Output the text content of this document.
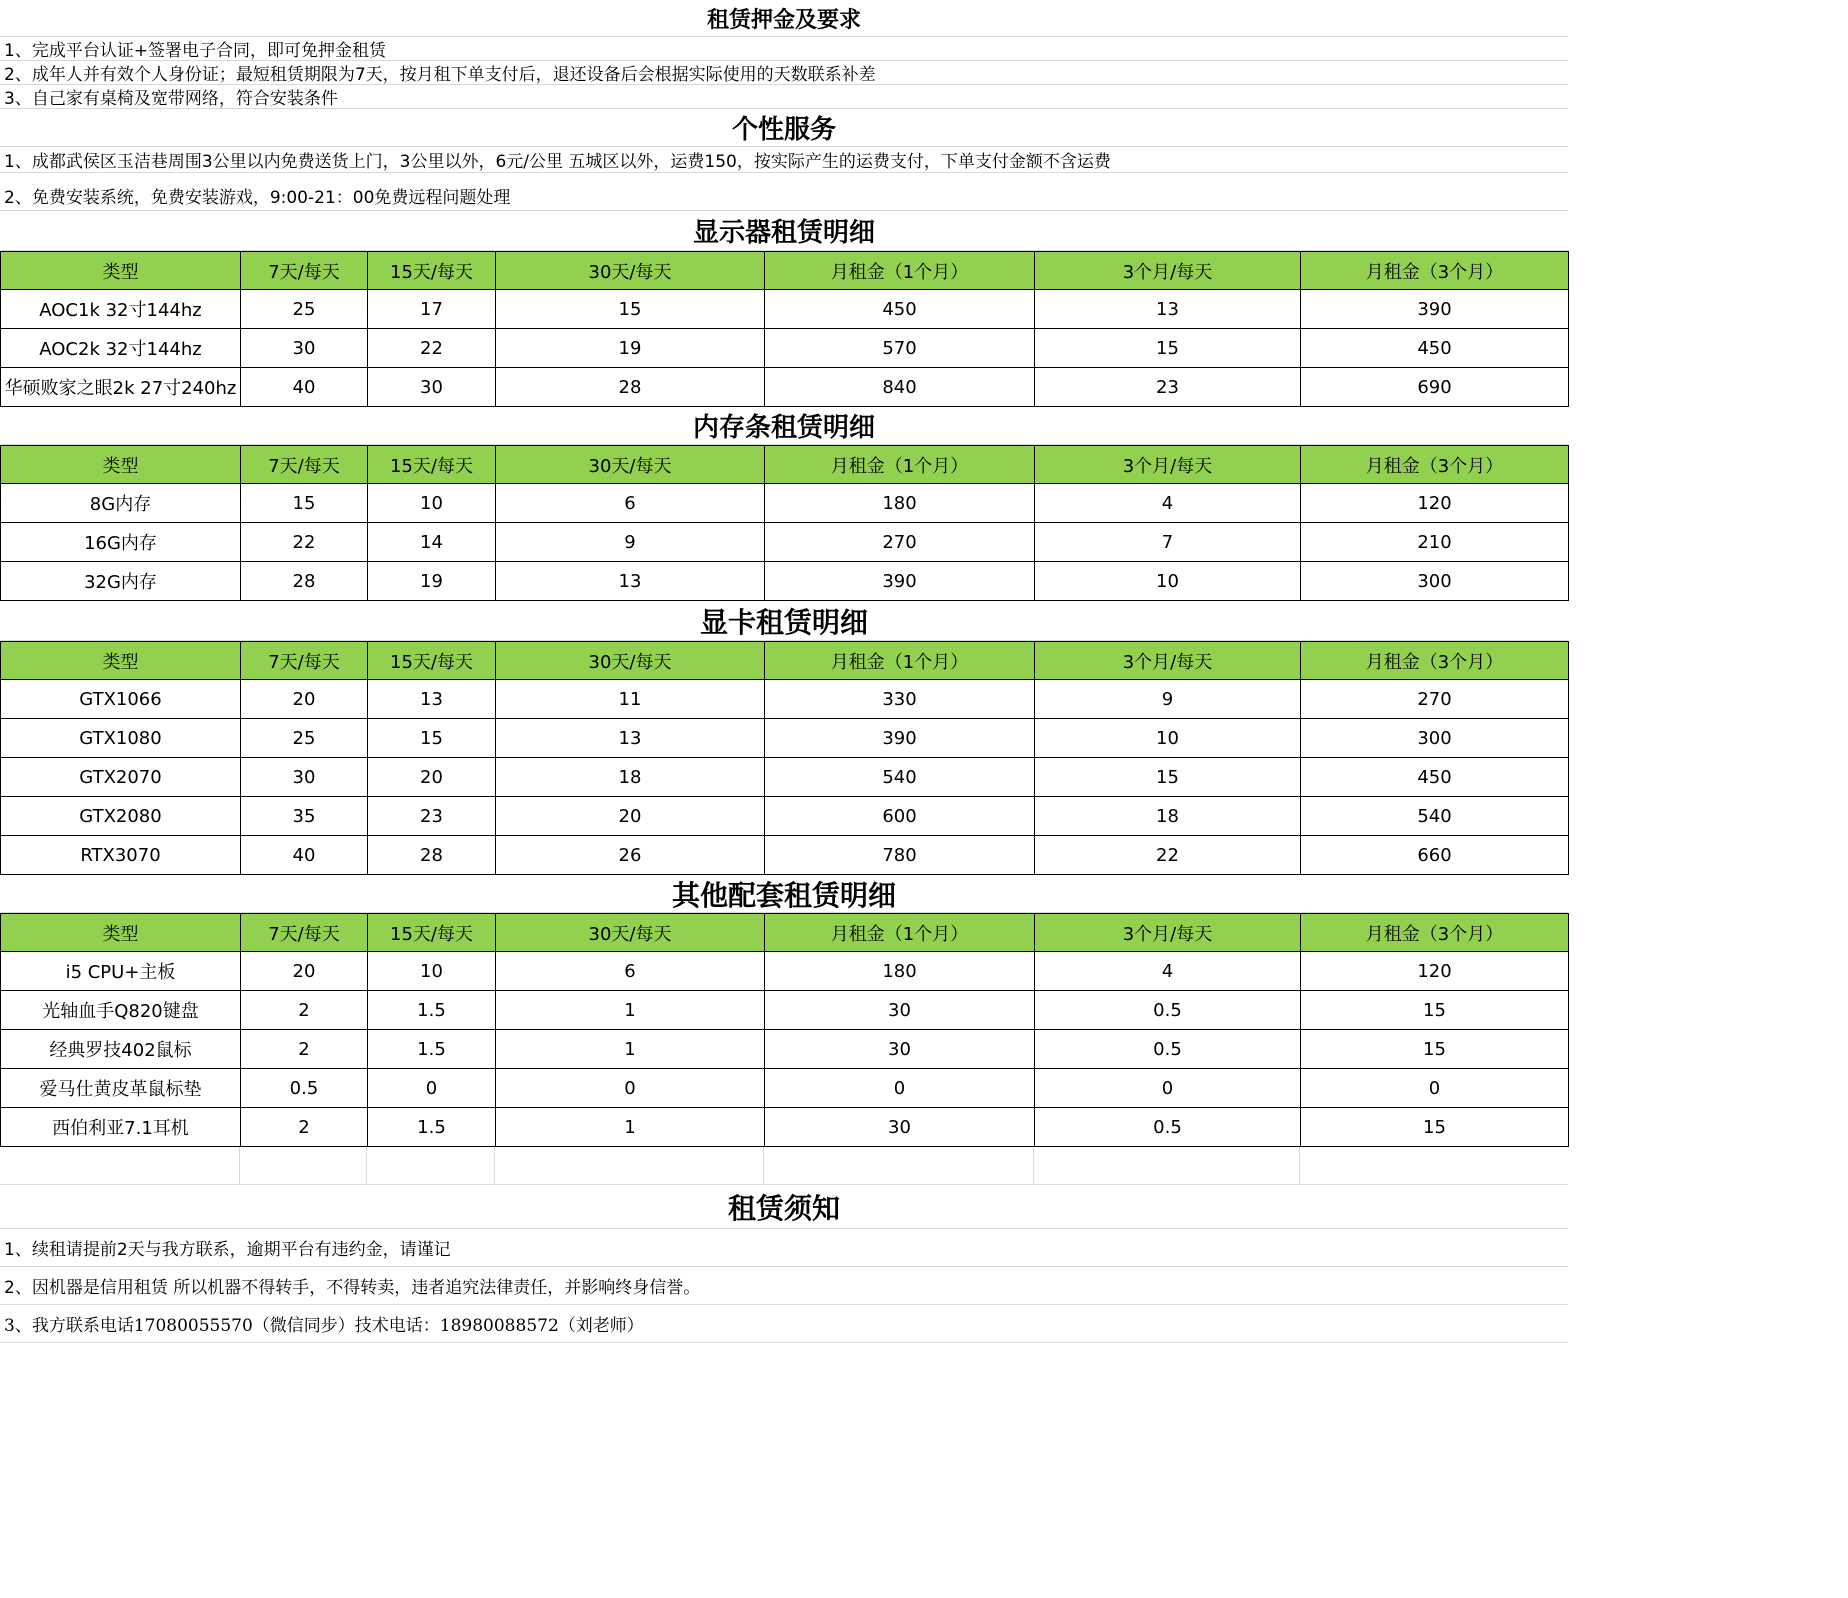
租赁押金及要求
1、完成平台认证+签署电子合同，即可免押金租赁
2、成年人并有效个人身份证；最短租赁期限为7天，按月租下单支付后，退还设备后会根据实际使用的天数联系补差
3、自己家有桌椅及宽带网络，符合安装条件
个性服务
1、成都武侯区玉洁巷周围3公里以内免费送货上门，3公里以外，6元/公里 五城区以外，运费150，按实际产生的运费支付，下单支付金额不含运费
2、免费安装系统，免费安装游戏，9:00-21：00免费远程问题处理
显示器租赁明细
类型	7天/每天	15天/每天	30天/每天	月租金（1个月）	3个月/每天	月租金（3个月）
AOC1k 32寸144hz	25	17	15	450	13	390
AOC2k 32寸144hz	30	22	19	570	15	450
华硕败家之眼2k 27寸240hz	40	30	28	840	23	690
内存条租赁明细
类型	7天/每天	15天/每天	30天/每天	月租金（1个月）	3个月/每天	月租金（3个月）
8G内存	15	10	6	180	4	120
16G内存	22	14	9	270	7	210
32G内存	28	19	13	390	10	300
显卡租赁明细
类型	7天/每天	15天/每天	30天/每天	月租金（1个月）	3个月/每天	月租金（3个月）
GTX1066	20	13	11	330	9	270
GTX1080	25	15	13	390	10	300
GTX2070	30	20	18	540	15	450
GTX2080	35	23	20	600	18	540
RTX3070	40	28	26	780	22	660
其他配套租赁明细
类型	7天/每天	15天/每天	30天/每天	月租金（1个月）	3个月/每天	月租金（3个月）
i5 CPU+主板	20	10	6	180	4	120
光轴血手Q820键盘	2	1.5	1	30	0.5	15
经典罗技402鼠标	2	1.5	1	30	0.5	15
爱马仕黄皮革鼠标垫	0.5	0	0	0	0	0
西伯利亚7.1耳机	2	1.5	1	30	0.5	15
租赁须知
1、续租请提前2天与我方联系，逾期平台有违约金，请谨记
2、因机器是信用租赁 所以机器不得转手，不得转卖，违者追究法律责任，并影响终身信誉。
3、我方联系电话17080055570（微信同步）技术电话：18980088572（刘老师）
